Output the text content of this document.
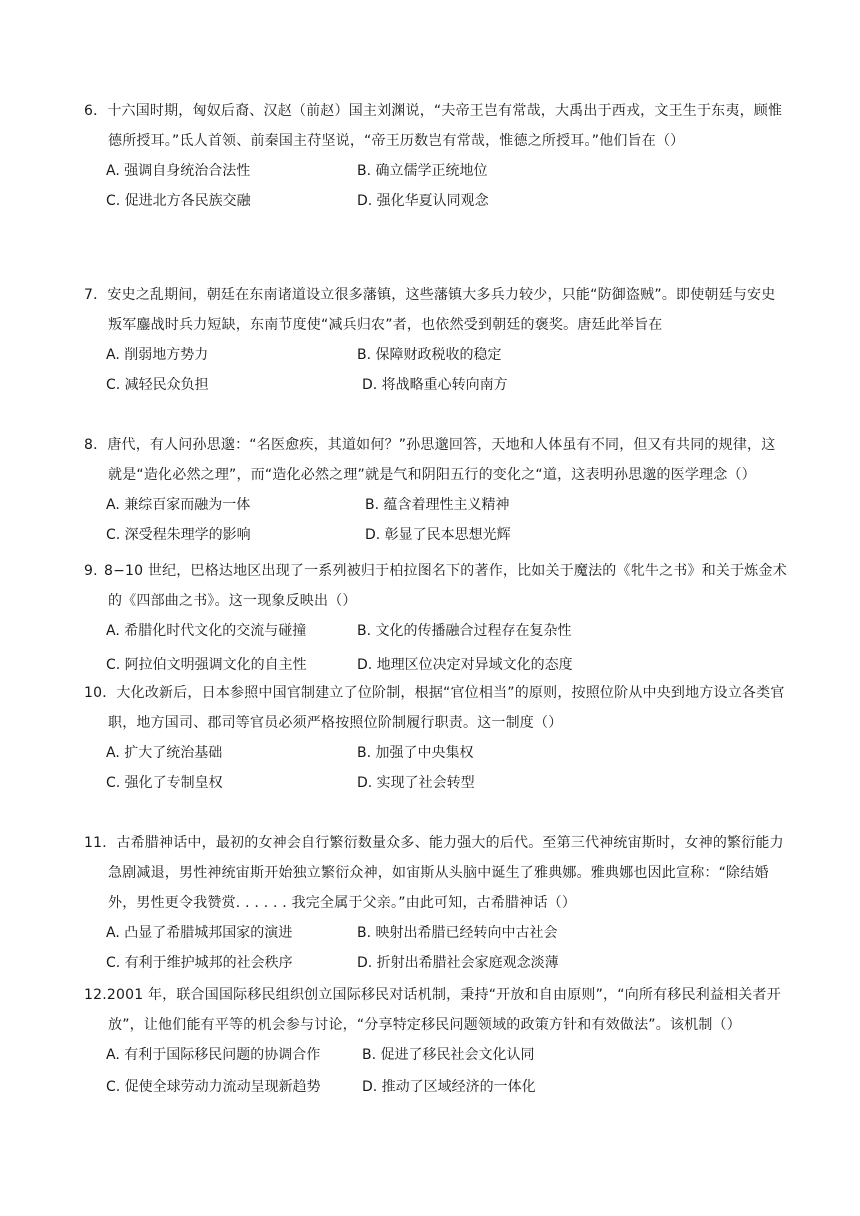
6．十六国时期，匈奴后裔、汉赵（前赵）国主刘渊说，“夫帝王岂有常哉，大禹出于西戎，文王生于东夷，顾惟德所授耳。”氐人首领、前秦国主苻坚说，“帝王历数岂有常哉，惟德之所授耳。”他们旨在（）
A. 强调自身统治合法性	B. 确立儒学正统地位
C. 促进北方各民族交融	D. 强化华夏认同观念
7．安史之乱期间，朝廷在东南诸道设立很多藩镇，这些藩镇大多兵力较少，只能“防御盗贼”。即使朝廷与安史叛军鏖战时兵力短缺，东南节度使“减兵归农”者，也依然受到朝廷的褒奖。唐廷此举旨在
A. 削弱地方势力	B. 保障财政税收的稳定
C. 减轻民众负担	D. 将战略重心转向南方
8．唐代，有人问孙思邈：“名医愈疾，其道如何？”孙思邈回答，天地和人体虽有不同，但又有共同的规律，这就是“造化必然之理”，而“造化必然之理”就是气和阴阳五行的变化之“道，这表明孙思邈的医学理念（）
A. 兼综百家而融为一体	B. 蕴含着理性主义精神
C. 深受程朱理学的影响	D. 彰显了民本思想光辉
9. 8−10 世纪，巴格达地区出现了一系列被归于柏拉图名下的著作，比如关于魔法的《牝牛之书》和关于炼金术的《四部曲之书》。这一现象反映出（）
A. 希腊化时代文化的交流与碰撞	B. 文化的传播融合过程存在复杂性
C. 阿拉伯文明强调文化的自主性	D. 地理区位决定对异域文化的态度
10．大化改新后，日本参照中国官制建立了位阶制，根据“官位相当”的原则，按照位阶从中央到地方设立各类官职，地方国司、郡司等官员必须严格按照位阶制履行职责。这一制度（）
A. 扩大了统治基础	B. 加强了中央集权
C. 强化了专制皇权	D. 实现了社会转型
11．古希腊神话中，最初的女神会自行繁衍数量众多、能力强大的后代。至第三代神统宙斯时，女神的繁衍能力急剧减退，男性神统宙斯开始独立繁衍众神，如宙斯从头脑中诞生了雅典娜。雅典娜也因此宣称：“除结婚外，男性更令我赞赏. . . . . . 我完全属于父亲。”由此可知，古希腊神话（）
A. 凸显了希腊城邦国家的演进	B. 映射出希腊已经转向中古社会
C. 有利于维护城邦的社会秩序	D. 折射出希腊社会家庭观念淡薄
12.2001 年，联合国国际移民组织创立国际移民对话机制，秉持“开放和自由原则”，“向所有移民利益相关者开放”，让他们能有平等的机会参与讨论，“分享特定移民问题领域的政策方针和有效做法”。该机制（）
A. 有利于国际移民问题的协调合作	B. 促进了移民社会文化认同
C. 促使全球劳动力流动呈现新趋势	D. 推动了区域经济的一体化
